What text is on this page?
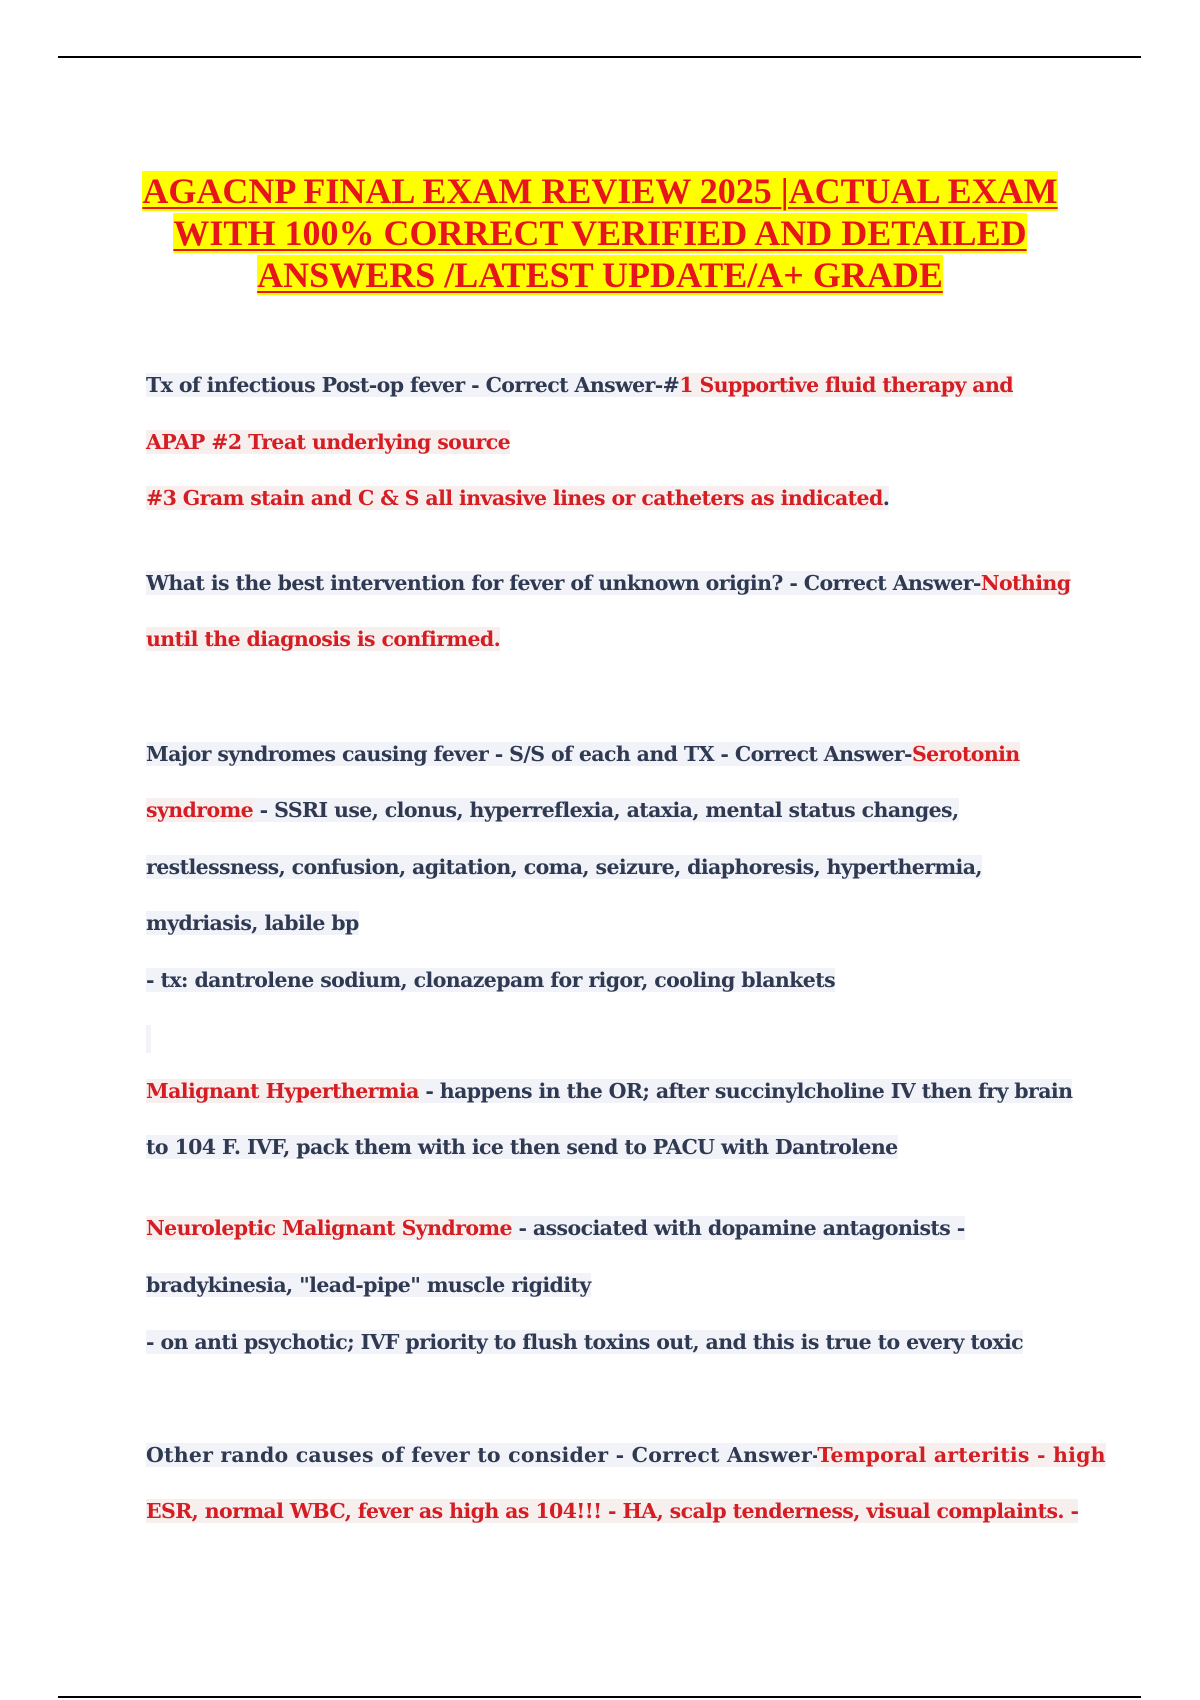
AGACNP FINAL EXAM REVIEW 2025 |ACTUAL EXAM
WITH 100% CORRECT VERIFIED AND DETAILED
ANSWERS /LATEST UPDATE/A+ GRADE
Tx of infectious Post-op fever - Correct Answer-#1 Supportive fluid therapy and
APAP #2 Treat underlying source
#3 Gram stain and C & S all invasive lines or catheters as indicated.
What is the best intervention for fever of unknown origin? - Correct Answer-Nothing
until the diagnosis is confirmed.
Major syndromes causing fever - S/S of each and TX - Correct Answer-Serotonin
syndrome - SSRI use, clonus, hyperreflexia, ataxia, mental status changes,
restlessness, confusion, agitation, coma, seizure, diaphoresis, hyperthermia,
mydriasis, labile bp
- tx: dantrolene sodium, clonazepam for rigor, cooling blankets
Malignant Hyperthermia - happens in the OR; after succinylcholine IV then fry brain
to 104 F. IVF, pack them with ice then send to PACU with Dantrolene
Neuroleptic Malignant Syndrome - associated with dopamine antagonists -
bradykinesia, "lead-pipe" muscle rigidity
- on anti psychotic; IVF priority to flush toxins out, and this is true to every toxic
Other rando causes of fever to consider - Correct Answer-Temporal arteritis - high
ESR, normal WBC, fever as high as 104!!! - HA, scalp tenderness, visual complaints. -
